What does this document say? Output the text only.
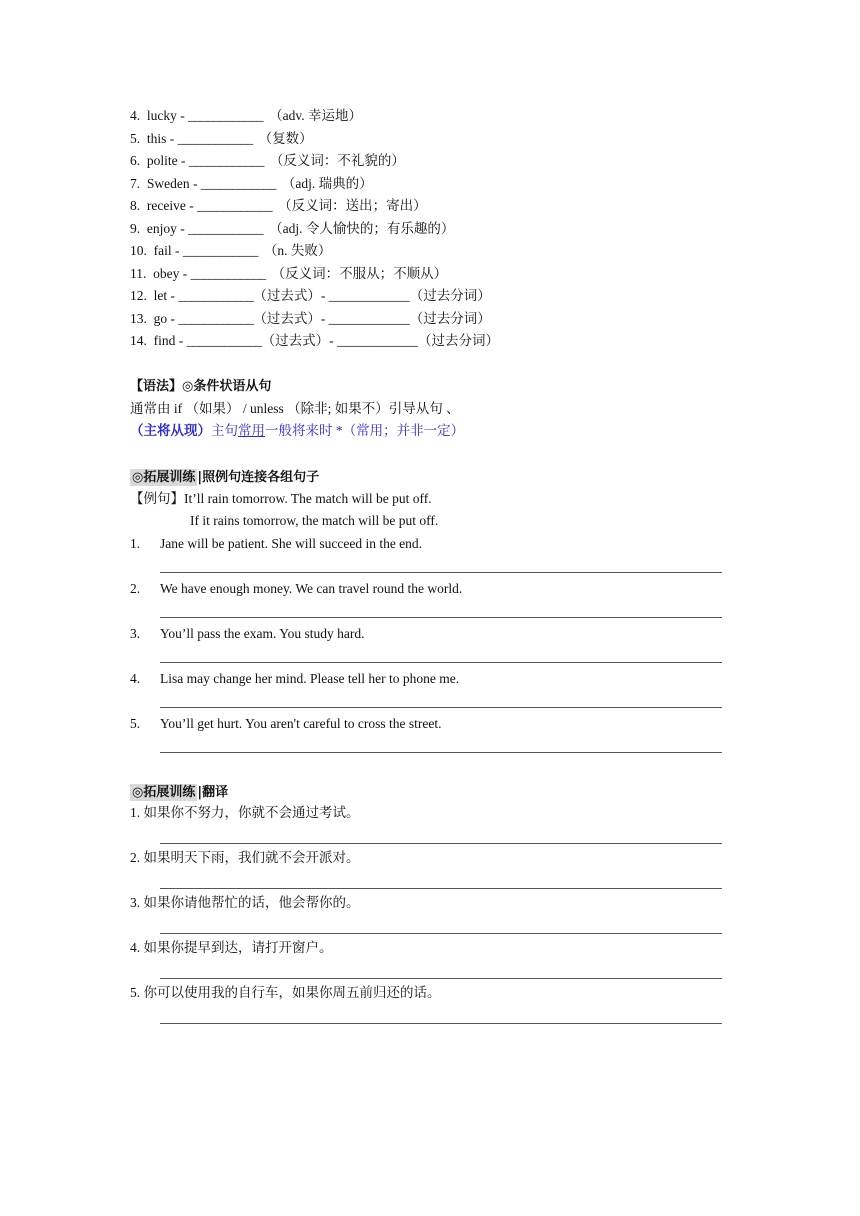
4. lucky - ____________ （adv. 幸运地）
5. this - ____________ （复数）
6. polite - ____________ （反义词：不礼貌的）
7. Sweden - ____________ （adj. 瑞典的）
8. receive - ____________ （反义词：送出；寄出）
9. enjoy - ____________ （adj. 令人愉快的；有乐趣的）
10. fail - ____________ （n. 失败）
11. obey - ____________ （反义词：不服从；不顺从）
12. let - ____________（过去式）- ____________（过去分词）
13. go - ____________（过去式）- ____________（过去分词）
14. find - ____________（过去式）- ____________（过去分词）
【语法】◎条件状语从句
通常由 if （如果） / unless （除非; 如果不）引导从句 、
（主将从现）主句常用一般将来时 *（常用；并非一定）
◎拓展训练 |照例句连接各组句子
【例句】It’ll rain tomorrow. The match will be put off.
If it rains tomorrow, the match will be put off.
1. Jane will be patient. She will succeed in the end.
2. We have enough money. We can travel round the world.
3. You’ll pass the exam. You study hard.
4. Lisa may change her mind. Please tell her to phone me.
5. You’ll get hurt. You aren't careful to cross the street.
◎拓展训练 |翻译
1. 如果你不努力，你就不会通过考试。
2. 如果明天下雨，我们就不会开派对。
3. 如果你请他帮忙的话，他会帮你的。
4. 如果你提早到达，请打开窗户。
5. 你可以使用我的自行车，如果你周五前归还的话。
